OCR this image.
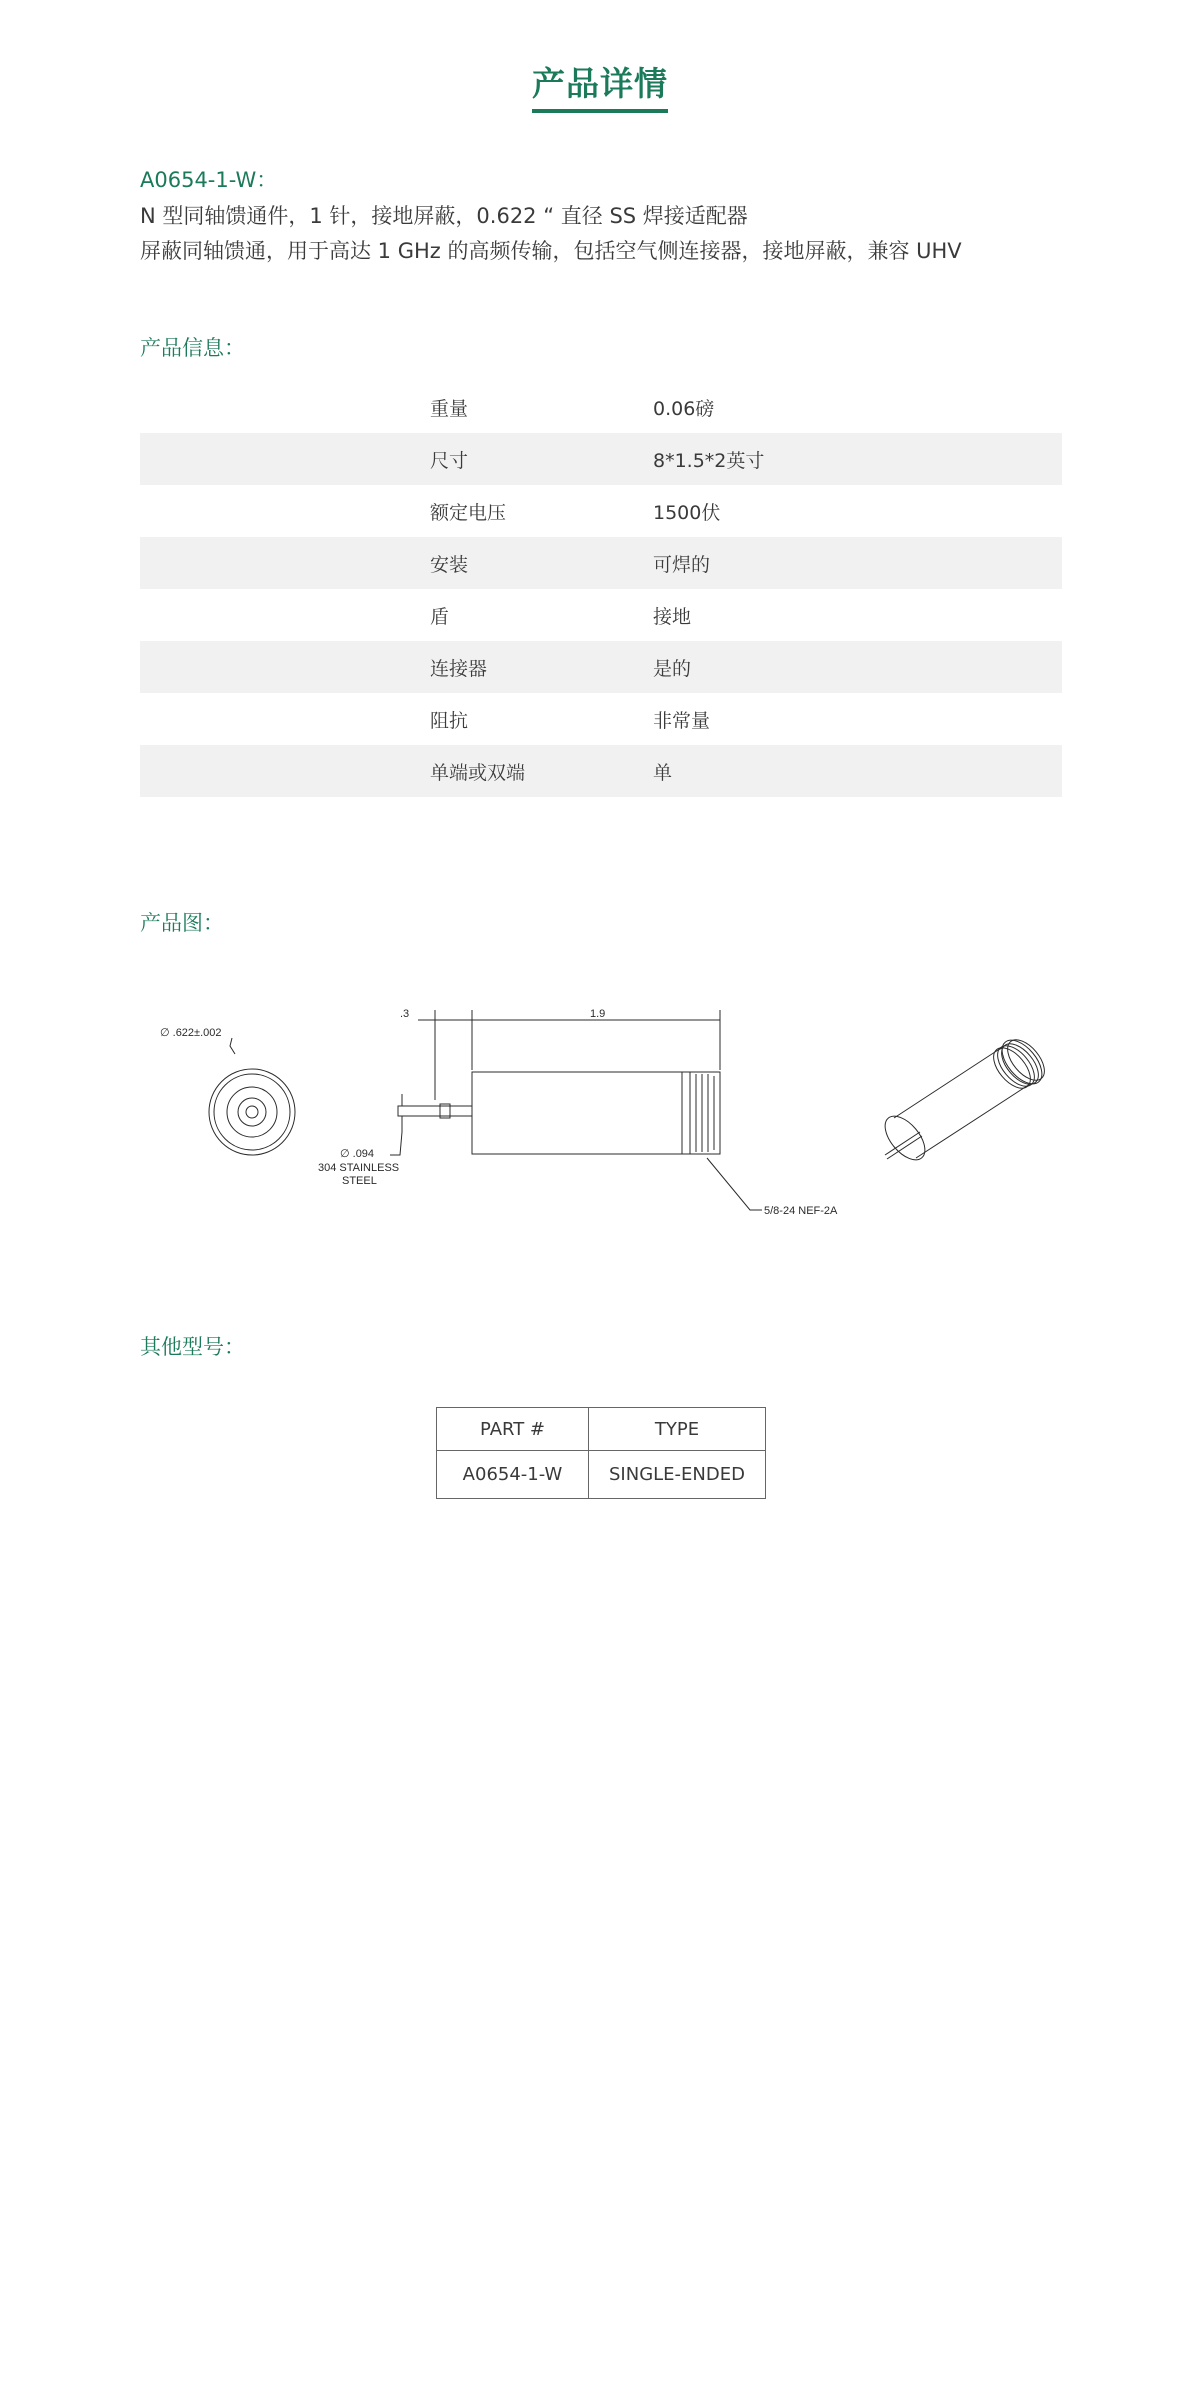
产品详情
A0654-1-W：
N 型同轴馈通件，1 针，接地屏蔽，0.622 “ 直径 SS 焊接适配器
屏蔽同轴馈通，用于高达 1 GHz 的高频传输，包括空气侧连接器，接地屏蔽，兼容 UHV
产品信息：
重量	0.06磅
尺寸	8*1.5*2英寸
额定电压	1500伏
安装	可焊的
盾	接地
连接器	是的
阻抗	非常量
单端或双端	单
产品图：
∅ .622±.002
.3	1.9
∅ .094
304 STAINLESS
STEEL
5/8-24 NEF-2A
其他型号：
PART #	TYPE
A0654-1-W	SINGLE-ENDED
